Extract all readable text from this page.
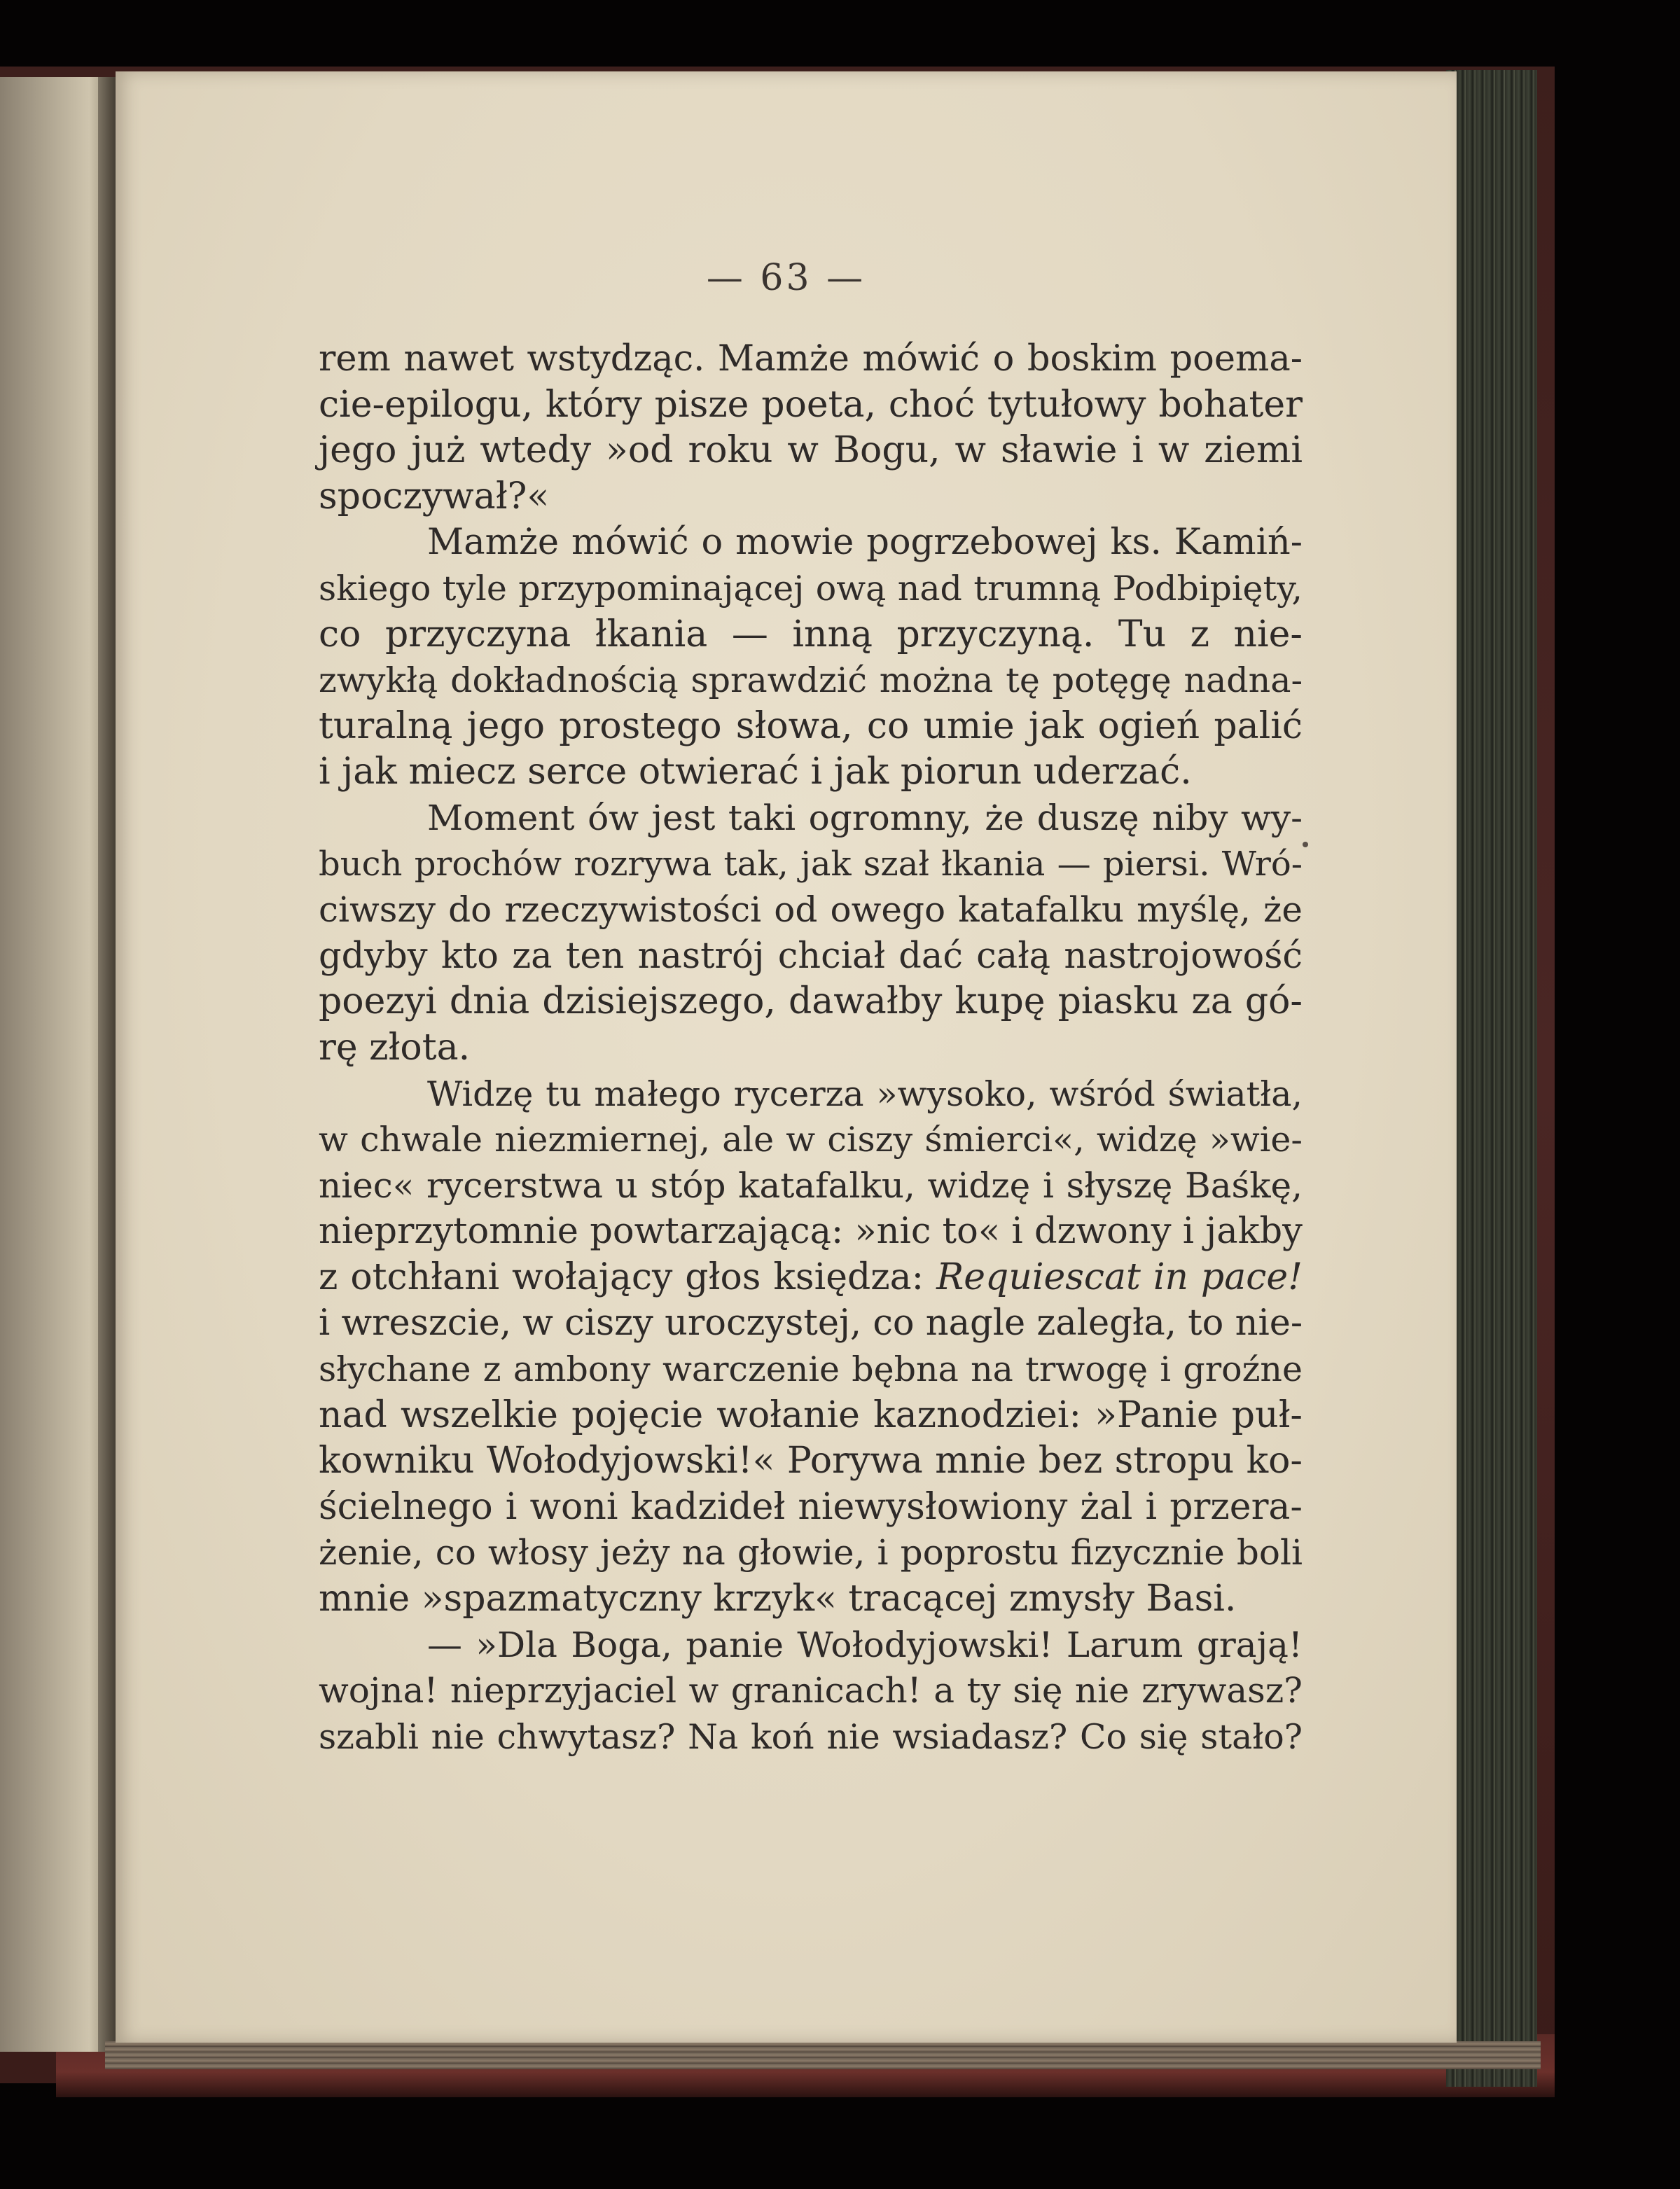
— 63 —
rem nawet wstydząc. Mamże mówić o boskim poema-
cie-epilogu, który pisze poeta, choć tytułowy bohater
jego już wtedy »od roku w Bogu, w sławie i w ziemi
spoczywał?«
Mamże mówić o mowie pogrzebowej ks. Kamiń-
skiego tyle przypominającej ową nad trumną Podbipięty,
co przyczyna łkania — inną przyczyną. Tu z nie-
zwykłą dokładnością sprawdzić można tę potęgę nadna-
turalną jego prostego słowa, co umie jak ogień palić
i jak miecz serce otwierać i jak piorun uderzać.
Moment ów jest taki ogromny, że duszę niby wy-
buch prochów rozrywa tak, jak szał łkania — piersi. Wró-
ciwszy do rzeczywistości od owego katafalku myślę, że
gdyby kto za ten nastrój chciał dać całą nastrojowość
poezyi dnia dzisiejszego, dawałby kupę piasku za gó-
rę złota.
Widzę tu małego rycerza »wysoko, wśród światła,
w chwale niezmiernej, ale w ciszy śmierci«, widzę »wie-
niec« rycerstwa u stóp katafalku, widzę i słyszę Baśkę,
nieprzytomnie powtarzającą: »nic to« i dzwony i jakby
z otchłani wołający głos księdza: Requiescat in pace!
i wreszcie, w ciszy uroczystej, co nagle zaległa, to nie-
słychane z ambony warczenie bębna na trwogę i groźne
nad wszelkie pojęcie wołanie kaznodziei: »Panie puł-
kowniku Wołodyjowski!« Porywa mnie bez stropu ko-
ścielnego i woni kadzideł niewysłowiony żal i przera-
żenie, co włosy jeży na głowie, i poprostu fizycznie boli
mnie »spazmatyczny krzyk« tracącej zmysły Basi.
— »Dla Boga, panie Wołodyjowski! Larum grają!
wojna! nieprzyjaciel w granicach! a ty się nie zrywasz?
szabli nie chwytasz? Na koń nie wsiadasz? Co się stało?
